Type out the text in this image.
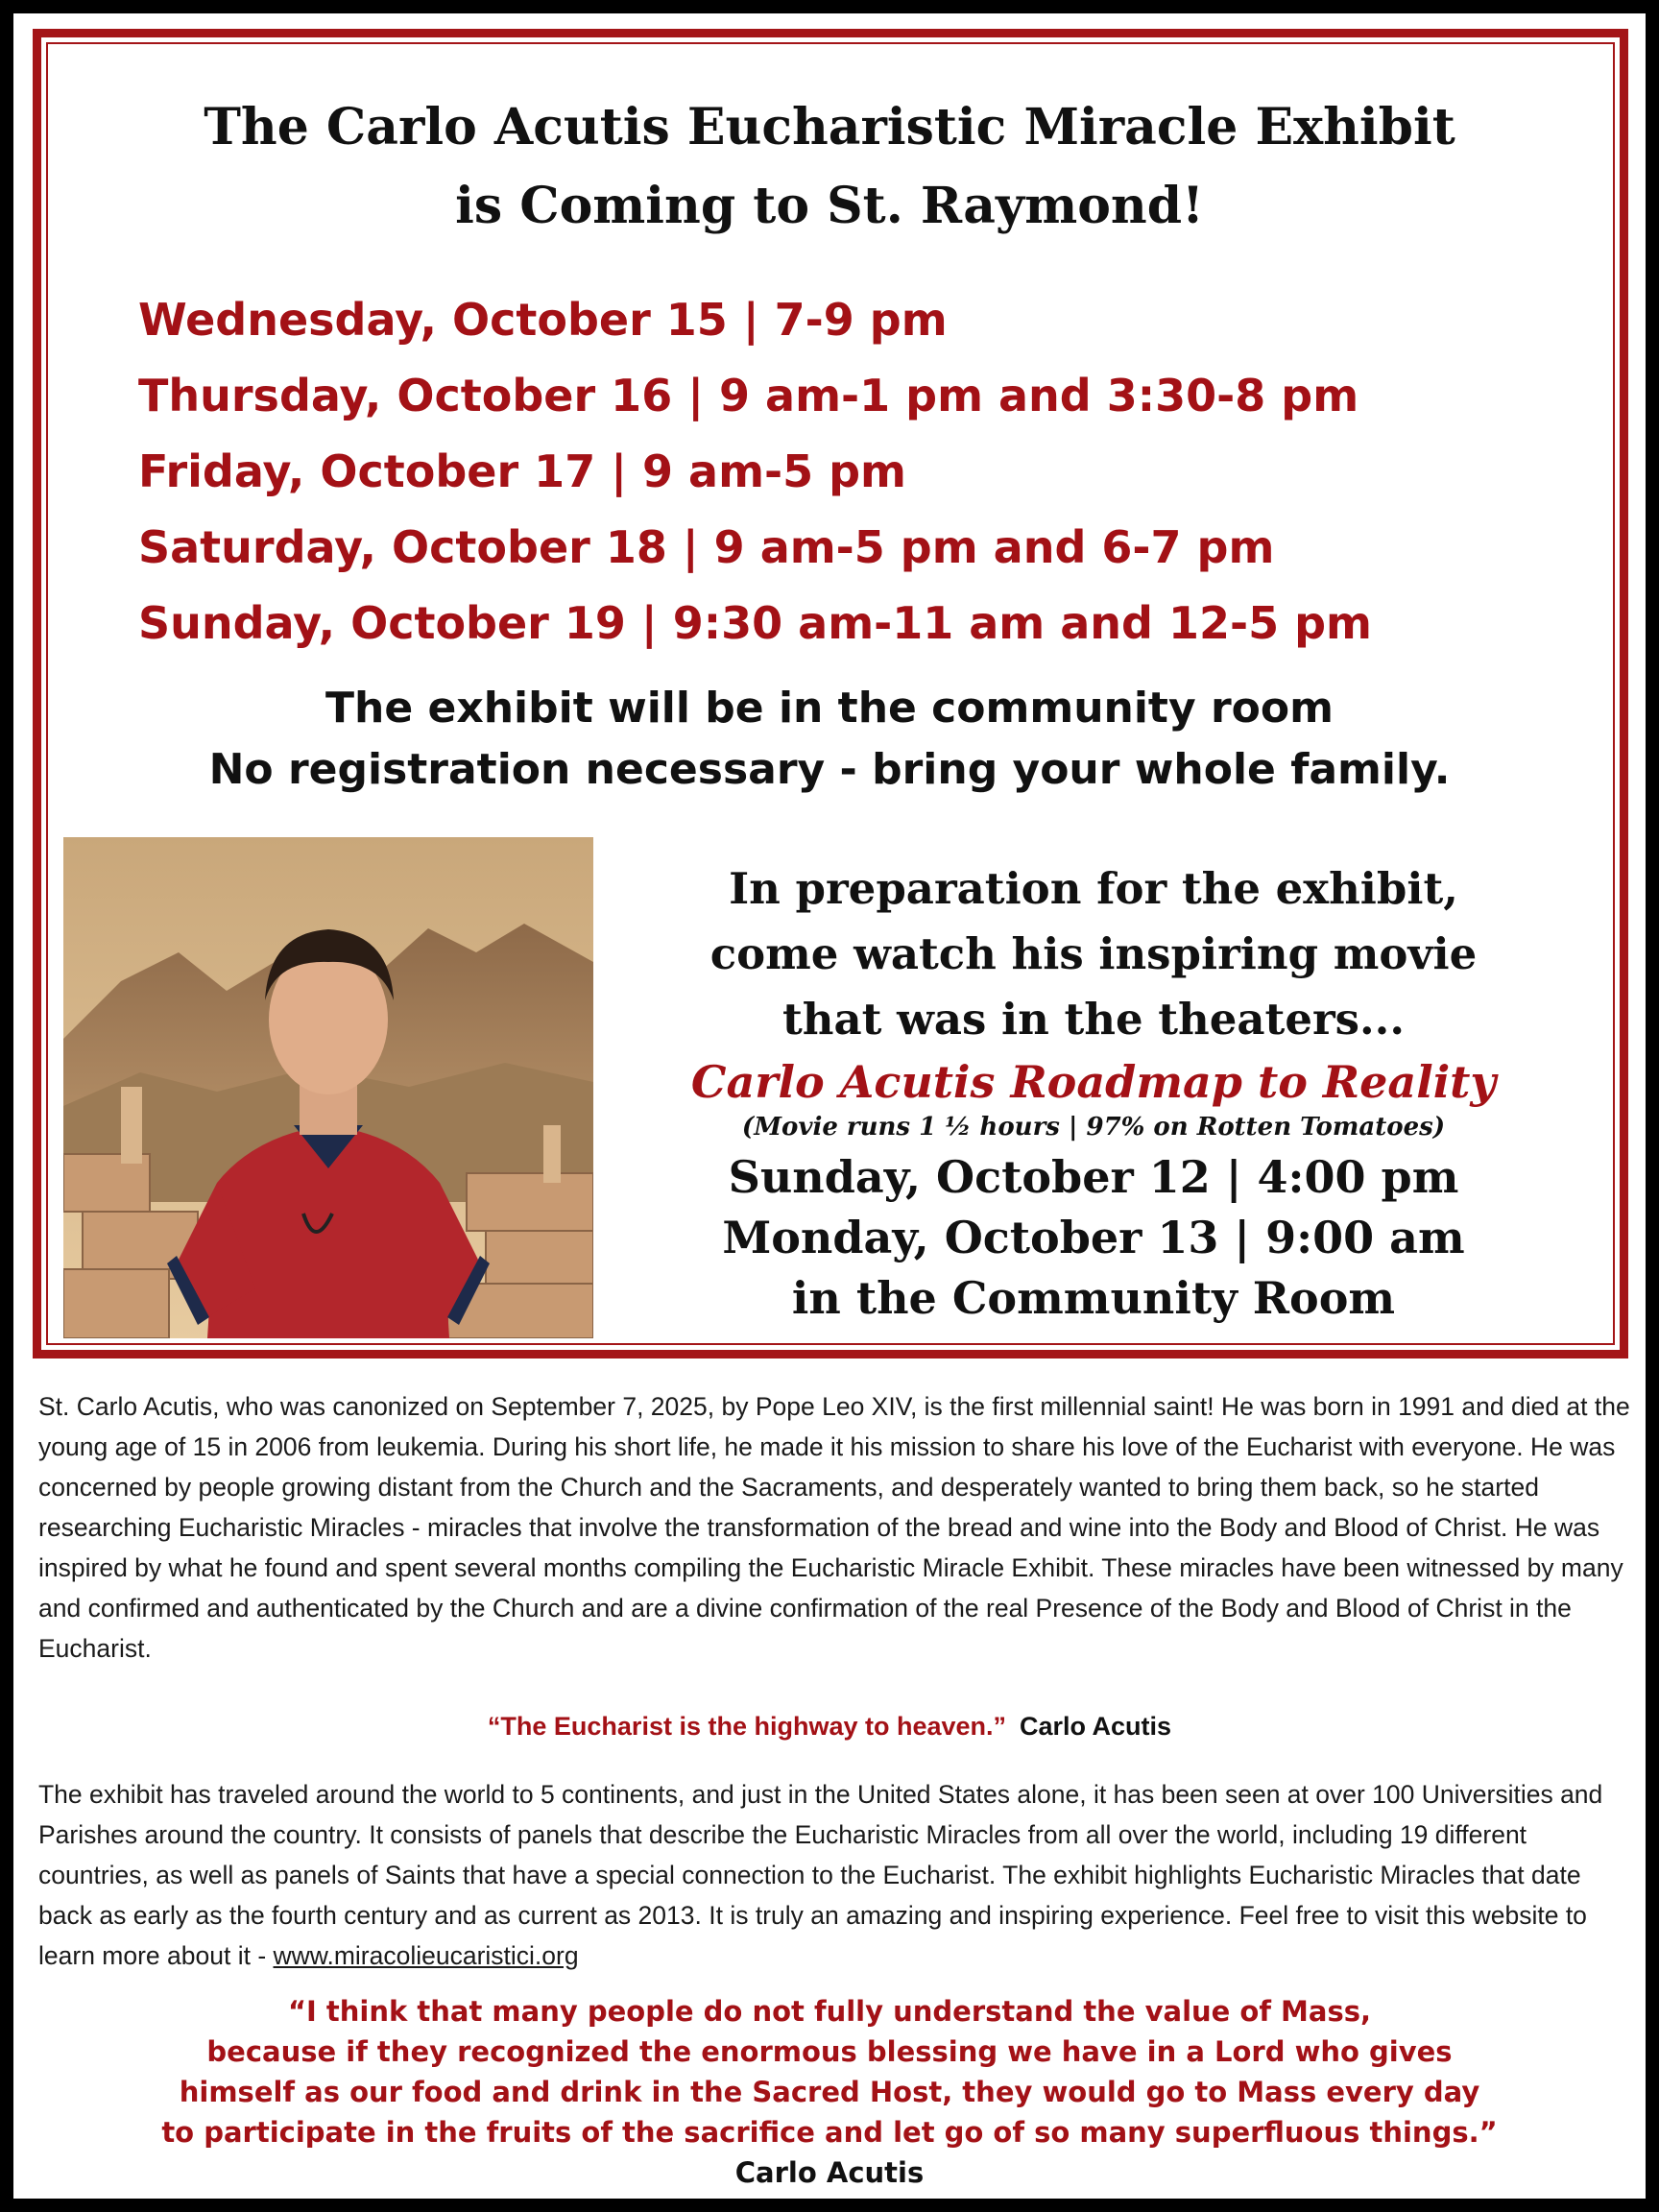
The Carlo Acutis Eucharistic Miracle Exhibit
is Coming to St. Raymond!
Wednesday, October 15 | 7-9 pm
Thursday, October 16 | 9 am-1 pm and 3:30-8 pm
Friday, October 17 | 9 am-5 pm
Saturday, October 18 | 9 am-5 pm and 6-7 pm
Sunday, October 19 | 9:30 am-11 am and 12-5 pm

The exhibit will be in the community room

No registration necessary - bring your whole family.

In preparation for the exhibit,

come watch his inspiring movie

that was in the theaters...

Carlo Acutis Roadmap to Reality

(Movie runs 1 ½ hours | 97% on Rotten Tomatoes)

Sunday, October 12 | 4:00 pm

Monday, October 13 | 9:00 am

in the Community Room

St. Carlo Acutis, who was canonized on September 7, 2025, by Pope Leo XIV, is the first millennial saint! He was born in 1991 and died at the young age of 15 in 2006 from leukemia. During his short life, he made it his mission to share his love of the Eucharist with everyone. He was concerned by people growing distant from the Church and the Sacraments, and desperately wanted to bring them back, so he started researching Eucharistic Miracles - miracles that involve the transformation of the bread and wine into the Body and Blood of Christ. He was inspired by what he found and spent several months compiling the Eucharistic Miracle Exhibit. These miracles have been witnessed by many and confirmed and authenticated by the Church and are a divine confirmation of the real Presence of the Body and Blood of Christ in the Eucharist.

“The Eucharist is the highway to heaven.” Carlo Acutis

The exhibit has traveled around the world to 5 continents, and just in the United States alone, it has been seen at over 100 Universities and Parishes around the country. It consists of panels that describe the Eucharistic Miracles from all over the world, including 19 different countries, as well as panels of Saints that have a special connection to the Eucharist. The exhibit highlights Eucharistic Miracles that date back as early as the fourth century and as current as 2013. It is truly an amazing and inspiring experience. Feel free to visit this website to learn more about it - www.miracolieucaristici.org

“I think that many people do not fully understand the value of Mass,
because if they recognized the enormous blessing we have in a Lord who gives
himself as our food and drink in the Sacred Host, they would go to Mass every day
to participate in the fruits of the sacrifice and let go of so many superfluous things.”
Carlo Acutis
